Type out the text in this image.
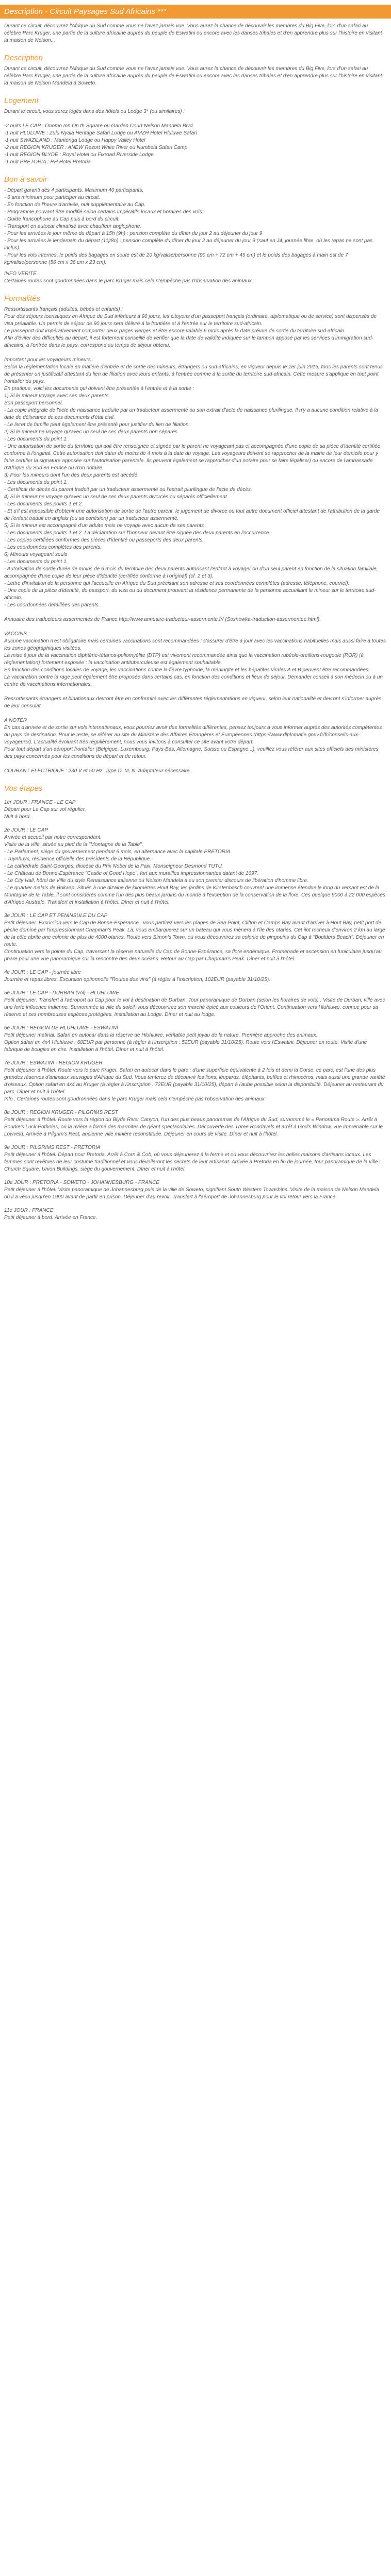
Description - Circuit Paysages Sud Africains ***

Durant ce circuit, découvrez l'Afrique du Sud comme vous ne l'avez jamais vue. Vous aurez la chance de découvrir les membres du Big Five, lors d'un safari au célèbre Parc Kruger, une partie de la culture africaine auprès du peuple de Eswatini ou encore avec les danses tribales et d'en apprendre plus sur l'histoire en visitant la maison de Nelson...

Description

Durant ce circuit, découvrez l'Afrique du Sud comme vous ne l'avez jamais vue. Vous aurez la chance de découvrir les membres du Big Five, lors d'un safari au célèbre Parc Kruger, une partie de la culture africaine auprès du peuple de Eswatini ou encore avec les danses tribales et d'en apprendre plus sur l'histoire en visitant la maison de Nelson Mandela à Soweto.

Logement

Durant le circuit, vous serez logés dans des hôtels ou Lodge 3* (ou similaires) :

-2 nuits LE CAP : Onomo Inn On th Square ou Garden Court Nelson Mandela Blvd
-1 nuit HLULUWE : Zulu Nyala Heritage Safari Lodge ou AMZH Hotel Hluluwe Safari
-1 nuit SWAZILAND : Mantenga Lodge ou Happy Valley Hotel
-2 nuit REGION KRUGER : ANEW Resort White River ou Numbela Safari Camp
-1 nuit REGION BLYDE : Royal Hotel ou Fixroad Riverside Lodge
-1 nuit PRETORIA : RH Hotel Pretoria

Bon à savoir

- Départ garanti dès 4 participants. Maximum 40 participants.
- 6 ans minimum pour participer au circuit.
- En fonction de l'heure d'arrivée, nuit supplémentaire au Cap.
- Programme pouvant être modifié selon certains impératifs locaux et horaires des vols.
- Guide francophone au Cap puis à bord du circuit.
- Transport en autocar climatisé avec chauffeur anglophone.
- Pour les arrivées le jour même du départ à 15h (9h) : pension complète du dîner du jour 2 au déjeuner du jour 9
- Pour les arrivées le lendemain du départ (11j/8n) : pension complète du dîner du jour 2 au déjeuner du jour 9 (sauf en J4, journée libre, où les repas ne sont pas inclus).
- Pour les vols internes, le poids des bagages en soute est de 20 kg/valise/personne (90 cm + 72 cm + 45 cm) et le poids des bagages à main est de 7 kg/valise/personne (56 cm x 36 cm x 23 cm).

INFO VERITE
Certaines routes sont goudronnées dans le parc Kruger mais cela n'empêche pas l'observation des animaux.

Formalités

Ressortissants français (adultes, bébés et enfants) :
Pour des séjours touristiques en Afrique du Sud inférieurs à 90 jours, les citoyens d'un passeport français (ordinaire, diplomatique ou de service) sont dispensés de visa préalable. Un permis de séjour de 90 jours sera délivré à la frontière et à l'entrée sur le territoire sud-africain.
Le passeport doit impérativement comporter deux pages vierges et être encore valable 6 mois après la date prévue de sortie du territoire sud-africain.
Afin d'éviter des difficultés au départ, il est fortement conseillé de vérifier que la date de validité indiquée sur le tampon apposé par les services d'immigration sud-africains, à l'entrée dans le pays, correspond au temps de séjour obtenu.

Important pour les voyageurs mineurs :
Selon la réglementation locale en matière d'entrée et de sortie des mineurs, étrangers ou sud-africains, en vigueur depuis le 1er juin 2015, tous les parents sont tenus de présenter un justificatif attestant du lien de filiation avec leurs enfants, à l'entrée comme à la sortie du territoire sud-africain. Cette mesure s'applique en tout point frontalier du pays.
En pratique, voici les documents qui doivent être présentés à l'entrée et à la sortie :
1) Si le mineur voyage avec ses deux parents
Son passeport personnel.
- La copie intégrale de l'acte de naissance traduite par un traducteur assermenté ou son extrait d'acte de naissance plurilingue. Il n'y a aucune condition relative à la date de délivrance de ces documents d'état civil.
- Le livret de famille peut également être présenté pour justifier du lien de filiation.
2) Si le mineur ne voyage qu'avec un seul de ses deux parents non séparés
- Les documents du point 1.
- Une autorisation de sortie du territoire qui doit être renseignée et signée par le parent ne voyageant pas et accompagnée d'une copie de sa pièce d'identité certifiée conforme à l'original. Cette autorisation doit dater de moins de 4 mois à la date du voyage. Les voyageurs doivent se rapprocher de la mairie de leur domicile pour y faire certifier la signature apposée sur l'autorisation parentale. Ils peuvent également se rapprocher d'un notaire pour se faire légaliser) ou encore de l'ambassade d'Afrique du Sud en France ou d'un notaire.
3) Pour les mineurs dont l'un des deux parents est décédé
- Les documents du point 1.
- Certificat de décès du parent traduit par un traducteur assermenté ou l'extrait plurilingue de l'acte de décès.
4) Si le mineur ne voyage qu'avec un seul de ses deux parents divorcés ou séparés officiellement
- Les documents des points 1 et 2.
- Et s'il est impossible d'obtenir une autorisation de sortie de l'autre parent, le jugement de divorce ou tout autre document officiel attestant de l'attribution de la garde de l'enfant traduit en anglais (ou sa cohésion) par un traducteur assermenté.
5) Si le mineur est accompagné d'un adulte mais ne voyage avec aucun de ses parents
- Les documents des points 1 et 2. La déclaration sur l'honneur devant être signée des deux parents en l'occurrence.
- Les copies certifiées conformes des pièces d'identité ou passeports des deux parents.
- Les coordonnées complètes des parents.
6) Mineurs voyageant seuls
- Les documents du point 1.
- Autorisation de sortie durée de moins de 6 mois du territoire des deux parents autorisant l'enfant à voyager ou d'un seul parent en fonction de la situation familiale, accompagnée d'une copie de leur pièce d'identité (certifiée conforme à l'original) (cf. 2 et 3).
- Lettre d'invitation de la personne qui l'accueille en Afrique du Sud précisant son adresse et ses coordonnées complètes (adresse, téléphone, courriel).
- Une copie de la pièce d'identité, du passport, du visa ou du document prouvant la résidence permanente de la personne accueillant le mineur sur le territoire sud-africain.
- Les coordonnées détaillées des parents.

Annuaire des traducteurs assermentés de France http://www.annuaire-traducteur-assermente.fr/ (Sosnowka-traduction-assermentee.html).

VACCINS :
Aucune vaccination n'est obligatoire mais certaines vaccinations sont recommandées ; s'assurer d'être à jour avec les vaccinations habituelles mais aussi faire à toutes les zones géographiques visitées.
La mise à jour de la vaccination diphtérie-tétanos-poliomyélite (DTP) est vivement recommandée ainsi que la vaccination rubéole-oreillons-rougeole (ROR) (à réglementation) fortement exposée : la vaccination antituberculeuse est également souhaitable.
En fonction des conditions locales de voyage, les vaccinations contre la fièvre typhoïde, la méningite et les hépatites virales A et B peuvent être recommandées.
La vaccination contre la rage peut également être proposée dans certains cas, en fonction des conditions et lieux de séjour. Demander conseil à son médecin ou à un centre de vaccinations internationales.

Ressortissants étrangers et binationaux devront être en conformité avec les différentes réglementations en vigueur, selon leur nationalité et devront s'informer auprès de leur consulat.

A NOTER
En cas d'arrivée et de sortie sur vols internationaux, vous pourriez avoir des formalités différentes, pensez toujours à vous informer auprès des autorités compétentes du pays de destination. Pour le reste, se référer au site du Ministère des Affaires Étrangères et Européennes (https://www.diplomatie.gouv.fr/fr/conseils-aux-voyageurs/). L'actualité évoluant très régulièrement, nous vous invitons à consulter ce site avant votre départ.
Pour tout départ d'un aéroport frontalier (Belgique, Luxembourg, Pays-Bas, Allemagne, Suisse ou Espagne...), veuillez vous référer aux sites officiels des ministères des pays concernés pour les conditions de départ et de retour.

COURANT ELECTRIQUE : 230 V et 50 Hz. Type D, M, N. Adaptateur nécessaire.

Vos étapes
1er JOUR : FRANCE - LE CAP
Départ pour Le Cap sur vol régulier.
Nuit à bord.
2e JOUR : LE CAP
Arrivée et accueil par notre correspondant.
Visite de la ville, située au pied de la "Montagne de la Table".
- Le Parlement, siège du gouvernement pendant 6 mois, en alternance avec la capitale PRETORIA.
- Tuynhuys, résidence officielle des présidents de la République.
- La cathédrale Saint-Georges, diocèse du Prix Nobel de la Paix, Monseigneur Desmond TUTU.
- Le Château de Bonne-Espérance "Castle of Good Hope", fort aux murailles impressionnantes datant de 1697.
- Le City Hall, hôtel de Ville du style Renaissance italienne où Nelson Mandela a eu son premier discours de libération d'homme libre.
- Le quartier malais de Bokaap. Situés à une dizaine de kilomètres Hout Bay, les jardins de Kirstenbosch couvrent une immense étendue le long du versant est de la Montagne de la Table, il sont considérés comme l'un des plus beaux jardins du monde à l'exception de la conservation de la flore. Ces quelque 9000 à 22 000 espèces d'Afrique Australe. Transfert et installation à l'hôtel. Dîner et nuit à l'hôtel.
3e JOUR : LE CAP ET PENINSULE DU CAP
Petit déjeuner. Excursion vers le Cap de Bonne-Espérance : vous partirez vers les plages de Sea Point, Clifton et Camps Bay avant d'arriver à Hout Bay, petit port de pêche dominé par l'impressionnant Chapman's Peak. Là, vous embarquerez sur un bateau qui vous mènera à l'île des otaries. Cet îlot rocheux d'environ 2 km au large de la côte abrite une colonie de plus de 4000 otaries. Route vers Simon's Town, où vous découvrirez sa colonie de pingouins du Cap à "Boulders Beach". Déjeuner en route.
Continuation vers la pointe du Cap, traversant la réserve naturelle du Cap de Bonne-Espérance, sa flore endémique. Promenade et ascension en funiculaire jusqu'au phare pour une vue panoramique sur la rencontre des deux océans. Retour au Cap par Chapman's Peak. Dîner et nuit à l'hôtel.
4e JOUR : LE CAP - journée libre
Journée et repas libres. Excursion optionnelle "Routes des vins" (à régler à l'inscription, 102EUR (payable 31/10/25).
5e JOUR : LE CAP - DURBAN (vol) - HLUHLUWE
Petit déjeuner. Transfert à l'aéroport du Cap pour le vol à destination de Durban. Tour panoramique de Durban (selon les horaires de vols) : Visite de Durban, ville avec une forte influence indienne. Surnommée la ville du soleil, vous découvrirez son marché épicé aux couleurs de l'Orient. Continuation vers Hluhluwe, connue pour sa réserve et ses nombreuses espèces protégées. Installation au Lodge. Dîner et nuit au lodge.
6e JOUR : REGION DE HLUHLUWE - ESWATINI
Petit déjeuner matinal. Safari en autocar dans la réserve de Hluhluwe, véritable petit joyau de la nature. Première approche des animaux.
Option safari en 4x4 Hluhluwe : 60EUR par personne (à régler à l'inscription : 52EUR (payable 31/10/25). Route vers l'Eswatini. Déjeuner en route. Visite d'une fabrique de bougies en cire. Installation à l'hôtel. Dîner et nuit à l'hôtel.
7e JOUR : ESWATINI - REGION KRUGER
Petit déjeuner à l'hôtel. Route vers le parc Kruger. Safari en autocar dans le parc : d'une superficie équivalente à 2 fois et demi la Corse, ce parc, est l'une des plus grandes réserves d'animaux sauvages d'Afrique du Sud. Vous tenterez de découvrir les lions, léopards, éléphants, buffles et rhinocéros, mais aussi une grande variété d'oiseaux. Option safari en 4x4 au Kruger (à régler à l'inscription : 72EUR (payable 31/10/25), départ à l'aube possible selon la disponibilité. Déjeuner au restaurant du parc. Dîner et nuit à l'hôtel.
Info : Certaines routes sont goudronnées dans le parc Kruger mais cela n'empêche pas l'observation des animaux.
8e JOUR : REGION KRUGER - PILGRIMS REST
Petit déjeuner à l'hôtel. Route vers la région du Blyde River Canyon, l'un des plus beaux panoramas de l'Afrique du Sud, surnommé le « Panorama Route ». Arrêt à Bourke's Luck Potholes, où la rivière a formé des marmites de géant spectaculaires. Découverte des Three Rondavels et arrêt à God's Window, vue imprenable sur le Lowveld. Arrivée à Pilgrim's Rest, ancienne ville minière reconstituée. Déjeuner en cours de visite. Dîner et nuit à l'hôtel.
9e JOUR : PILGRIMS REST - PRETORIA
Petit déjeuner à l'hôtel. Départ pour Pretoria. Arrêt à Corn & Cob, où vous déjeunerez à la ferme et où vous découvrirez les belles maisons d'artisans locaux. Les femmes sont revêtues de leur costume traditionnel et vous dévoileront les secrets de leur artisanat. Arrivée à Pretoria en fin de journée, tour panoramique de la ville : Church Square, Union Buildings, siège du gouvernement. Dîner et nuit à l'hôtel.
10e JOUR : PRETORIA - SOWETO - JOHANNESBURG - FRANCE
Petit déjeuner à l'hôtel. Visite panoramique de Johannesburg puis de la ville de Soweto, signifiant South Western Townships. Visite de la maison de Nelson Mandela où il a vécu jusqu'en 1990 avant de partir en prison. Déjeuner d'au revoir. Transfert à l'aéroport de Johannesburg pour le vol retour vers la France.
11e JOUR : FRANCE
Petit déjeuner à bord. Arrivée en France.
